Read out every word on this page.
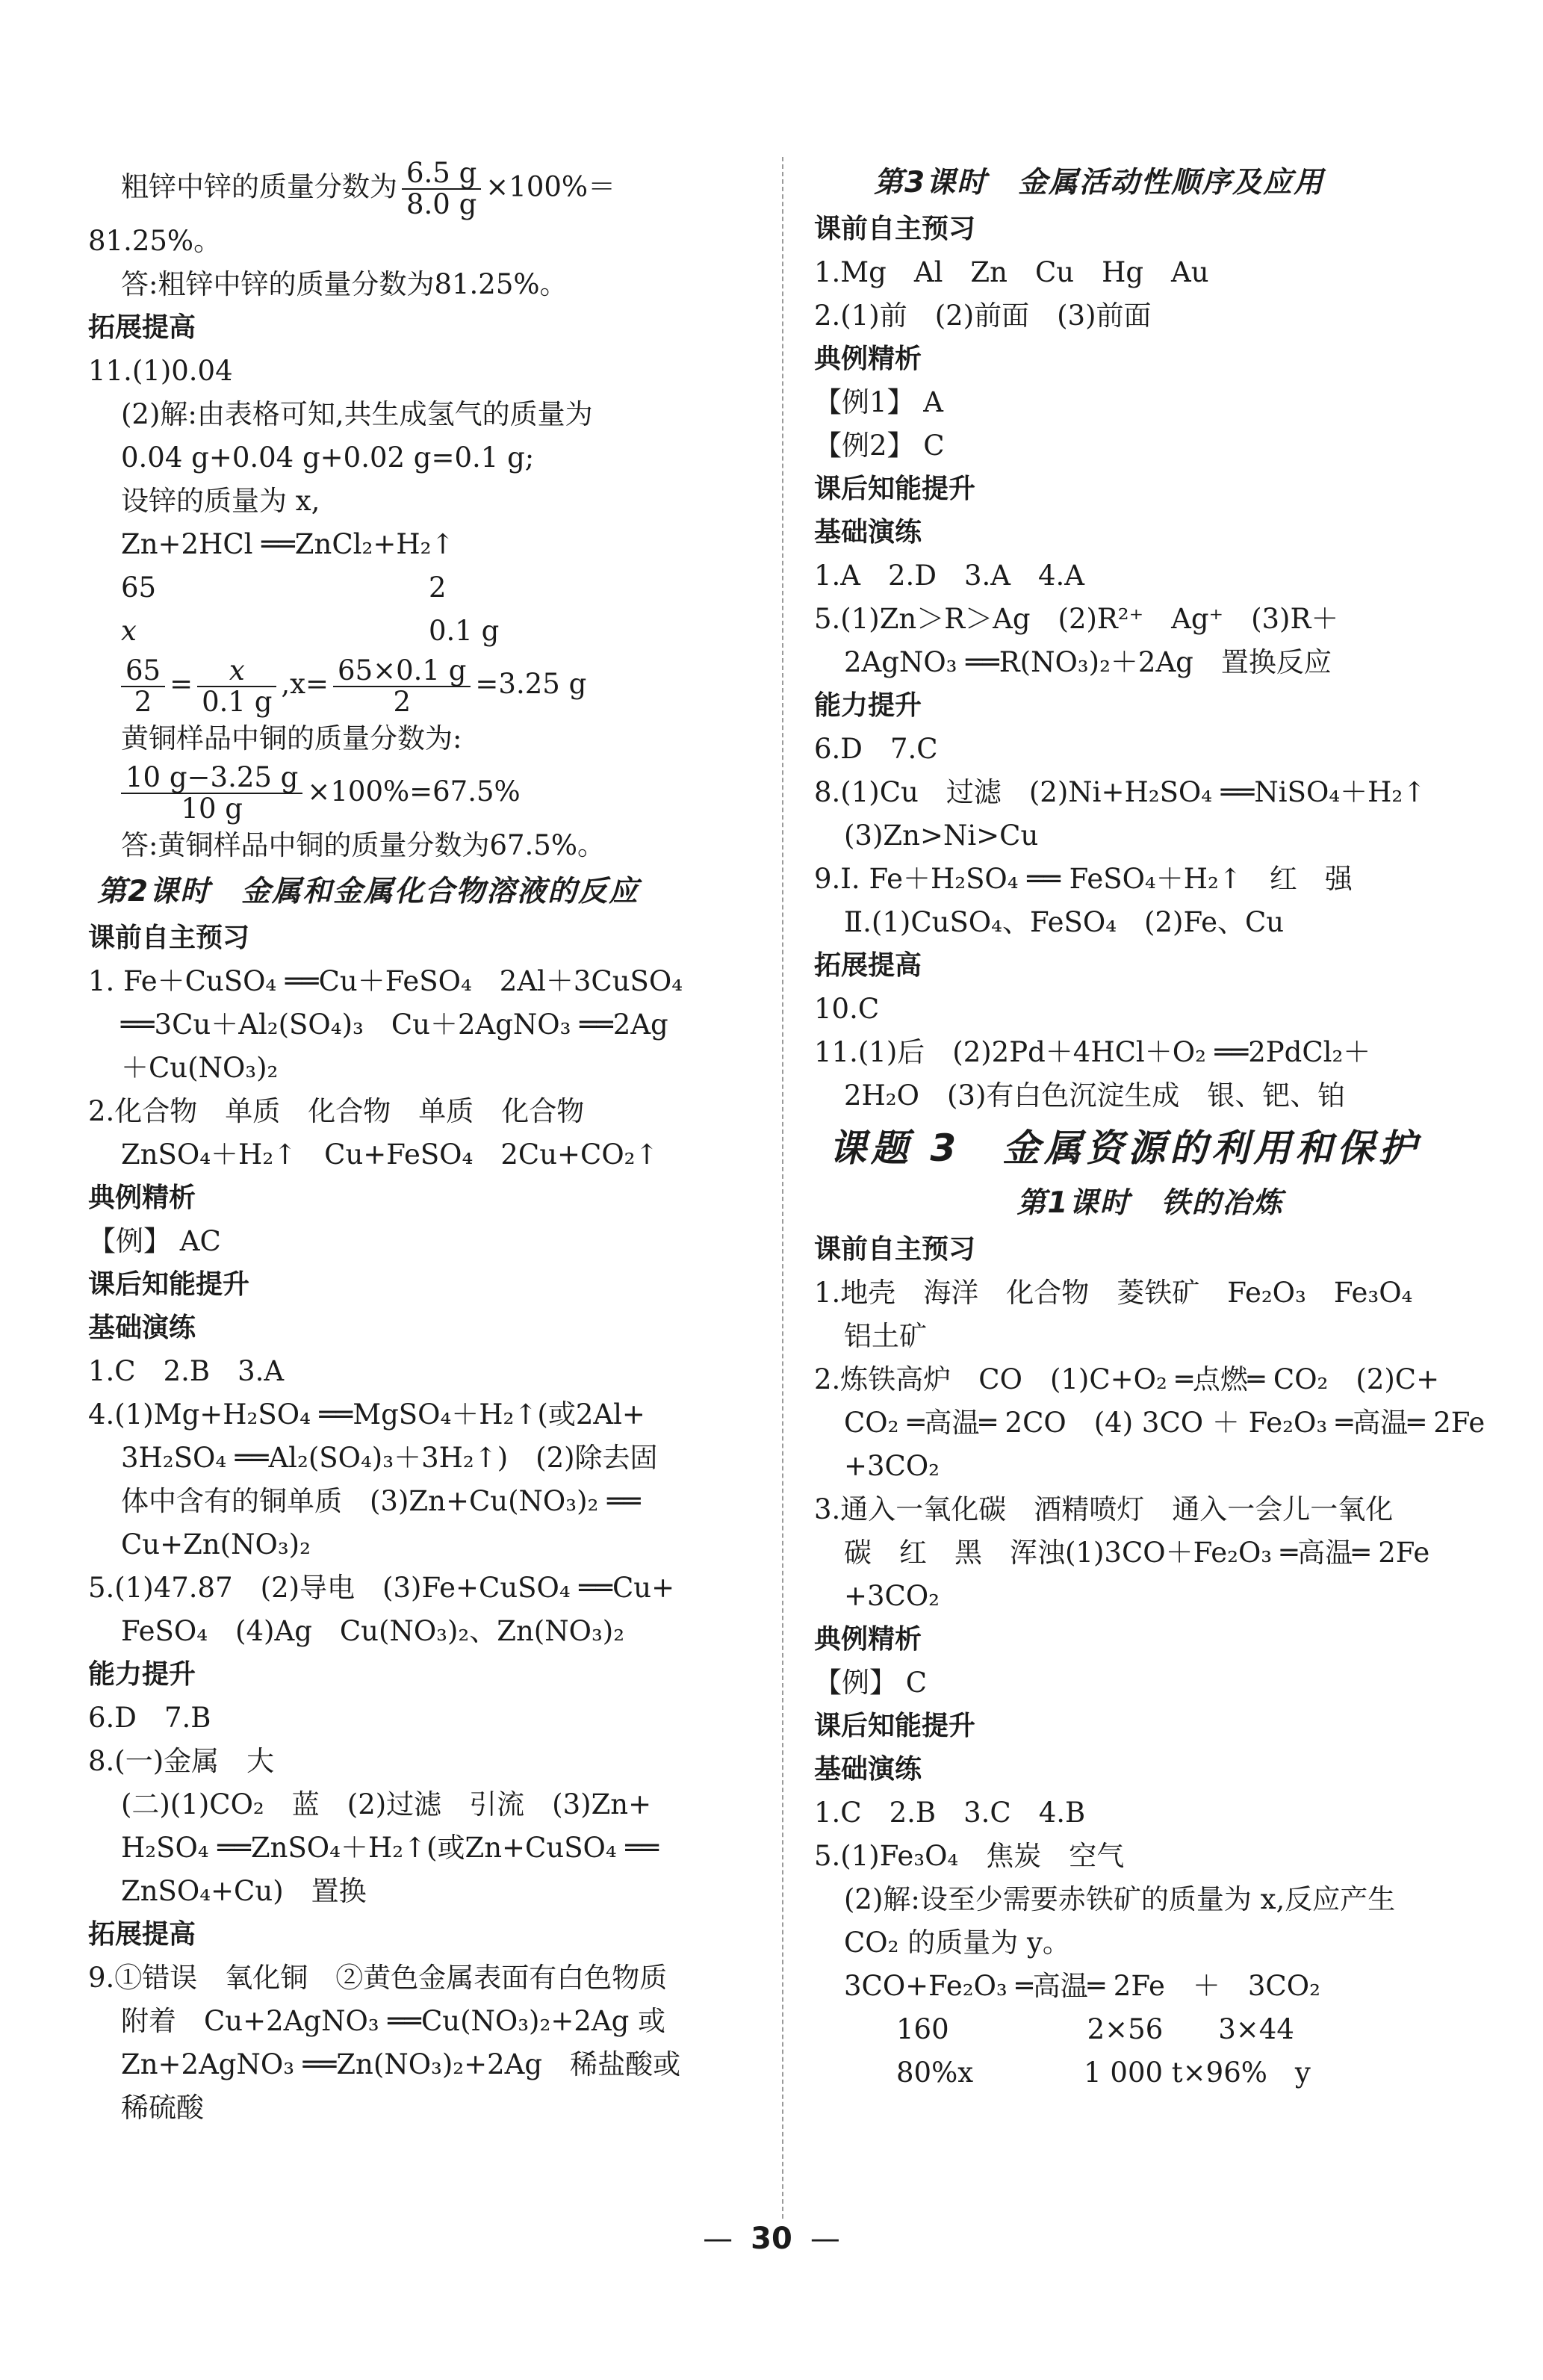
粗锌中锌的质量分数为 $\frac{6.5 g}{8.0 g} \times 100\%=$
81.25%。
答:粗锌中锌的质量分数为81.25%。
拓展提高
11.(1)0.04
(2)解:由表格可知,共生成氢气的质量为
0.04 g+0.04 g+0.02 g=0.1 g;
设锌的质量为 x,
Zn+2HCl ══ZnCl₂+H₂↑
65	2
x	0.1 g
$\frac{65}{2} = \frac{x}{0.1 g} ,x= \frac{65\times 0.1 g}{2} =3.25$ g
黄铜样品中铜的质量分数为:
$\frac{10 g-3.25 g}{10 g} \times 100\%=67.5\%$
答:黄铜样品中铜的质量分数为67.5%。
第2课时　金属和金属化合物溶液的反应
课前自主预习
1. Fe＋CuSO₄ ══Cu＋FeSO₄　2Al＋3CuSO₄
══3Cu＋Al₂(SO₄)₃　Cu＋2AgNO₃ ══2Ag
＋Cu(NO₃)₂
2.化合物　单质　化合物　单质　化合物
ZnSO₄＋H₂↑　Cu+FeSO₄　2Cu+CO₂↑
典例精析
【例】 AC
课后知能提升
基础演练
1.C　2.B　3.A
4.(1)Mg+H₂SO₄ ══MgSO₄＋H₂↑(或2Al+
3H₂SO₄ ══Al₂(SO₄)₃＋3H₂↑)　(2)除去固
体中含有的铜单质　(3)Zn+Cu(NO₃)₂ ══
Cu+Zn(NO₃)₂
5.(1)47.87　(2)导电　(3)Fe+CuSO₄ ══Cu+
FeSO₄　(4)Ag　Cu(NO₃)₂、Zn(NO₃)₂
能力提升
6.D　7.B
8.(一)金属　大
(二)(1)CO₂　蓝　(2)过滤　引流　(3)Zn+
H₂SO₄ ══ZnSO₄＋H₂↑(或Zn+CuSO₄ ══
ZnSO₄+Cu)　置换
拓展提高
9.①错误　氧化铜　②黄色金属表面有白色物质
附着　Cu+2AgNO₃ ══Cu(NO₃)₂+2Ag 或
Zn+2AgNO₃ ══Zn(NO₃)₂+2Ag　稀盐酸或
稀硫酸
第3课时　金属活动性顺序及应用
课前自主预习
1.Mg　Al　Zn　Cu　Hg　Au
2.(1)前　(2)前面　(3)前面
典例精析
【例1】 A
【例2】 C
课后知能提升
基础演练
1.A　2.D　3.A　4.A
5.(1)Zn＞R＞Ag　(2)R²⁺　Ag⁺　(3)R＋
2AgNO₃ ══R(NO₃)₂＋2Ag　置换反应
能力提升
6.D　7.C
8.(1)Cu　过滤　(2)Ni+H₂SO₄ ══NiSO₄＋H₂↑
(3)Zn>Ni>Cu
9.Ⅰ. Fe＋H₂SO₄ ══ FeSO₄＋H₂↑　红　强
Ⅱ.(1)CuSO₄、FeSO₄　(2)Fe、Cu
拓展提高
10.C
11.(1)后　(2)2Pd＋4HCl＋O₂ ══2PdCl₂＋
2H₂O　(3)有白色沉淀生成　银、钯、铂
课题 3　金属资源的利用和保护
第1课时　铁的冶炼
课前自主预习
1.地壳　海洋　化合物　菱铁矿　Fe₂O₃　Fe₃O₄
铝土矿
2.炼铁高炉　CO　(1)C+O₂ ═点燃═ CO₂　(2)C+
CO₂ ═高温═ 2CO　(4) 3CO ＋ Fe₂O₃ ═高温═ 2Fe
+3CO₂
3.通入一氧化碳　酒精喷灯　通入一会儿一氧化
碳　红　黑　浑浊(1)3CO＋Fe₂O₃ ═高温═ 2Fe
+3CO₂
典例精析
【例】 C
课后知能提升
基础演练
1.C　2.B　3.C　4.B
5.(1)Fe₃O₄　焦炭　空气
(2)解:设至少需要赤铁矿的质量为 x,反应产生
CO₂ 的质量为 y。
3CO+Fe₂O₃ ═高温═ 2Fe　＋　3CO₂
160　　　　　2×56　　3×44
80%x　　　　1 000 t×96%　y
— 30 —
